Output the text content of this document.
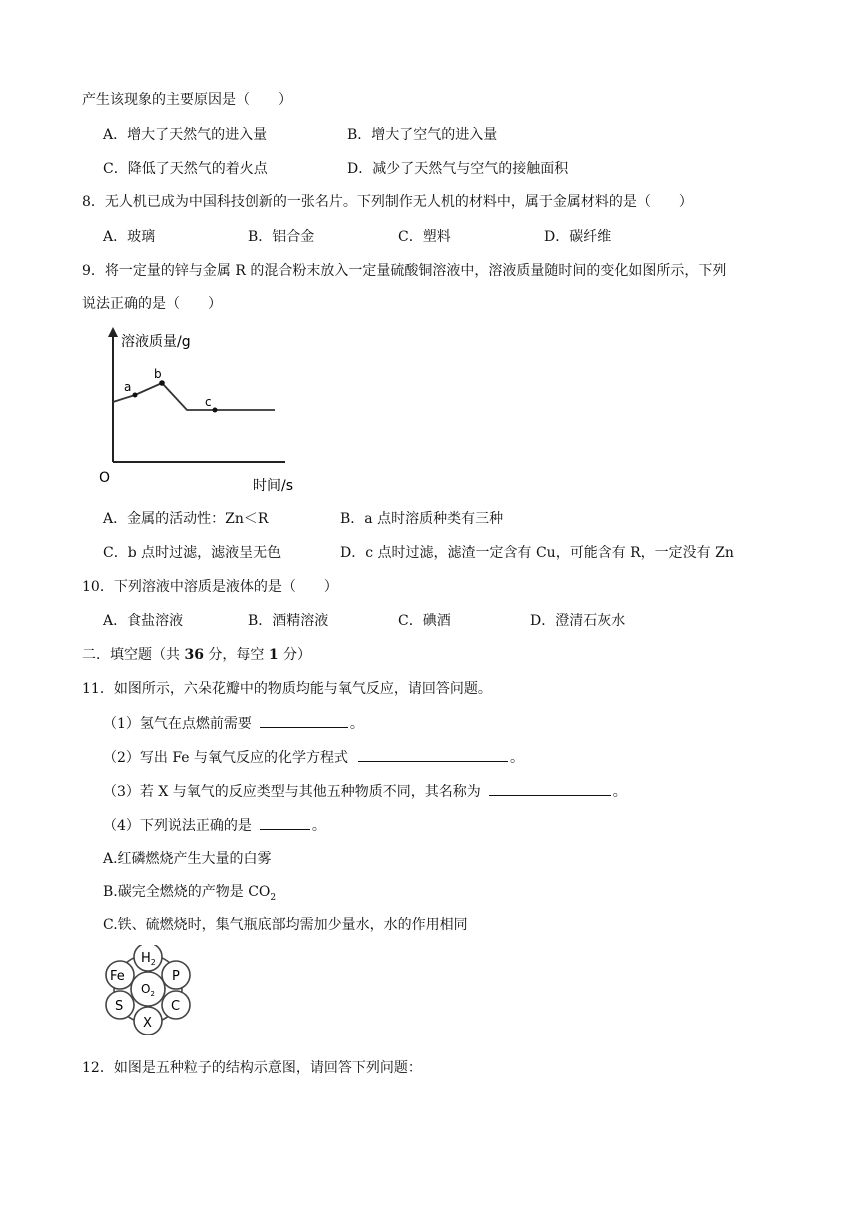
产生该现象的主要原因是（　　）
A．增大了天然气的进入量	B．增大了空气的进入量
C．降低了天然气的着火点	D．减少了天然气与空气的接触面积
8．无人机已成为中国科技创新的一张名片。下列制作无人机的材料中，属于金属材料的是（　　）
A．玻璃	B．铝合金	C．塑料	D．碳纤维
9．将一定量的锌与金属 R 的混合粉末放入一定量硫酸铜溶液中，溶液质量随时间的变化如图所示，下列
说法正确的是（　　）
溶液质量/g
O	时间/s
a
b
c
A．金属的活动性：Zn＜R	B．a 点时溶质种类有三种
C．b 点时过滤，滤液呈无色	D．c 点时过滤，滤渣一定含有 Cu，可能含有 R，一定没有 Zn
10．下列溶液中溶质是液体的是（　　）
A．食盐溶液	B．酒精溶液	C．碘酒	D．澄清石灰水
二．填空题（共 36 分，每空 1 分）
11．如图所示，六朵花瓣中的物质均能与氧气反应，请回答问题。
（1）氢气在点燃前需要	。
（2）写出 Fe 与氧气反应的化学方程式	。
（3）若 X 与氧气的反应类型与其他五种物质不同，其名称为	。
（4）下列说法正确的是	。
A.红磷燃烧产生大量的白雾
B.碳完全燃烧的产物是 $CO_2$
C.铁、硫燃烧时，集气瓶底部均需加少量水，水的作用相同
$H_2$
P
C
X
S
Fe
$O_2$
12．如图是五种粒子的结构示意图，请回答下列问题：
